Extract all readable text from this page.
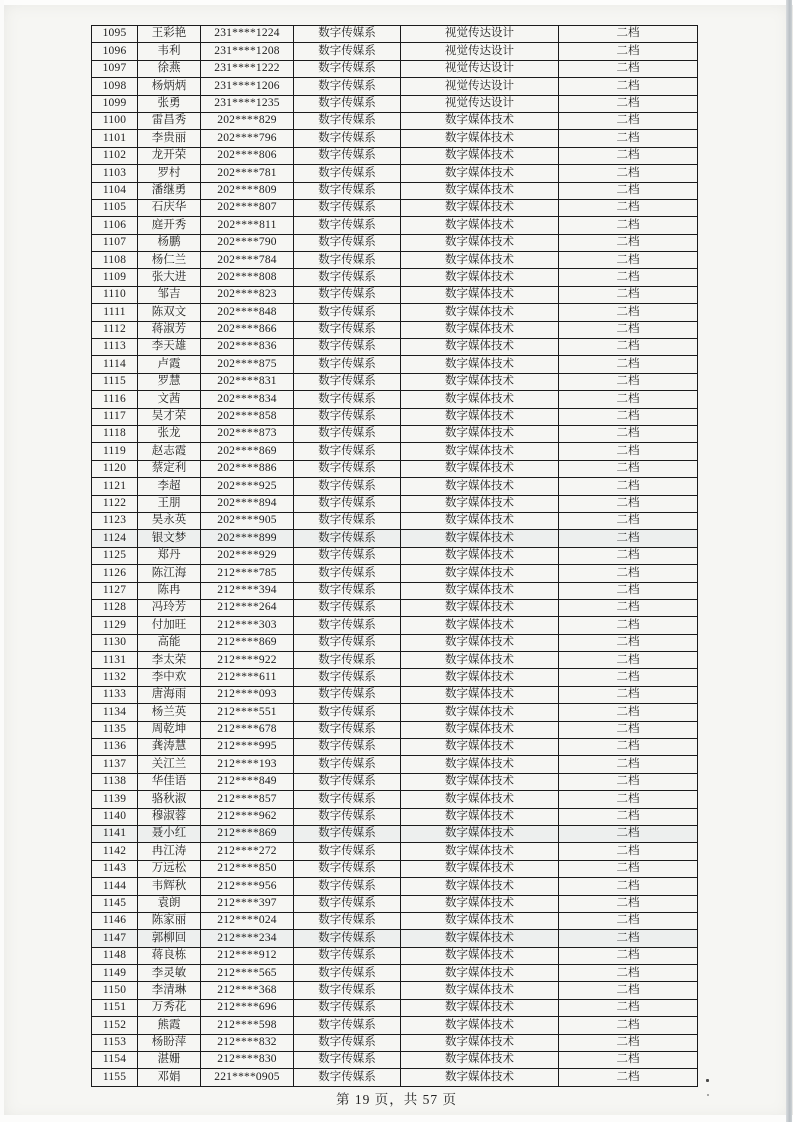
1095	王彩艳	231****1224	数字传媒系	视觉传达设计	二档
1096	韦利	231****1208	数字传媒系	视觉传达设计	二档
1097	徐燕	231****1222	数字传媒系	视觉传达设计	二档
1098	杨炳炳	231****1206	数字传媒系	视觉传达设计	二档
1099	张勇	231****1235	数字传媒系	视觉传达设计	二档
1100	雷昌秀	202****829	数字传媒系	数字媒体技术	二档
1101	李贵丽	202****796	数字传媒系	数字媒体技术	二档
1102	龙开荣	202****806	数字传媒系	数字媒体技术	二档
1103	罗村	202****781	数字传媒系	数字媒体技术	二档
1104	潘继勇	202****809	数字传媒系	数字媒体技术	二档
1105	石庆华	202****807	数字传媒系	数字媒体技术	二档
1106	庭开秀	202****811	数字传媒系	数字媒体技术	二档
1107	杨鹏	202****790	数字传媒系	数字媒体技术	二档
1108	杨仁兰	202****784	数字传媒系	数字媒体技术	二档
1109	张大进	202****808	数字传媒系	数字媒体技术	二档
1110	邹吉	202****823	数字传媒系	数字媒体技术	二档
1111	陈双文	202****848	数字传媒系	数字媒体技术	二档
1112	蒋淑芳	202****866	数字传媒系	数字媒体技术	二档
1113	李天雄	202****836	数字传媒系	数字媒体技术	二档
1114	卢霞	202****875	数字传媒系	数字媒体技术	二档
1115	罗慧	202****831	数字传媒系	数字媒体技术	二档
1116	文茜	202****834	数字传媒系	数字媒体技术	二档
1117	吴才荣	202****858	数字传媒系	数字媒体技术	二档
1118	张龙	202****873	数字传媒系	数字媒体技术	二档
1119	赵志霞	202****869	数字传媒系	数字媒体技术	二档
1120	蔡定利	202****886	数字传媒系	数字媒体技术	二档
1121	李超	202****925	数字传媒系	数字媒体技术	二档
1122	王朋	202****894	数字传媒系	数字媒体技术	二档
1123	昊永英	202****905	数字传媒系	数字媒体技术	二档
1124	银文梦	202****899	数字传媒系	数字媒体技术	二档
1125	郑丹	202****929	数字传媒系	数字媒体技术	二档
1126	陈江海	212****785	数字传媒系	数字媒体技术	二档
1127	陈冉	212****394	数字传媒系	数字媒体技术	二档
1128	冯玲芳	212****264	数字传媒系	数字媒体技术	二档
1129	付加旺	212****303	数字传媒系	数字媒体技术	二档
1130	高能	212****869	数字传媒系	数字媒体技术	二档
1131	李太荣	212****922	数字传媒系	数字媒体技术	二档
1132	李中欢	212****611	数字传媒系	数字媒体技术	二档
1133	唐海雨	212****093	数字传媒系	数字媒体技术	二档
1134	杨兰英	212****551	数字传媒系	数字媒体技术	二档
1135	周乾坤	212****678	数字传媒系	数字媒体技术	二档
1136	龚涛慧	212****995	数字传媒系	数字媒体技术	二档
1137	关江兰	212****193	数字传媒系	数字媒体技术	二档
1138	华佳语	212****849	数字传媒系	数字媒体技术	二档
1139	骆秋淑	212****857	数字传媒系	数字媒体技术	二档
1140	穆淑蓉	212****962	数字传媒系	数字媒体技术	二档
1141	聂小红	212****869	数字传媒系	数字媒体技术	二档
1142	冉江涛	212****272	数字传媒系	数字媒体技术	二档
1143	万远松	212****850	数字传媒系	数字媒体技术	二档
1144	韦辉秋	212****956	数字传媒系	数字媒体技术	二档
1145	袁朗	212****397	数字传媒系	数字媒体技术	二档
1146	陈家丽	212****024	数字传媒系	数字媒体技术	二档
1147	郭柳回	212****234	数字传媒系	数字媒体技术	二档
1148	蒋良栋	212****912	数字传媒系	数字媒体技术	二档
1149	李灵敏	212****565	数字传媒系	数字媒体技术	二档
1150	李清琳	212****368	数字传媒系	数字媒体技术	二档
1151	万秀花	212****696	数字传媒系	数字媒体技术	二档
1152	熊霞	212****598	数字传媒系	数字媒体技术	二档
1153	杨盼萍	212****832	数字传媒系	数字媒体技术	二档
1154	湛姗	212****830	数字传媒系	数字媒体技术	二档
1155	邓娟	221****0905	数字传媒系	数字媒体技术	二档
第 19 页，共 57 页
